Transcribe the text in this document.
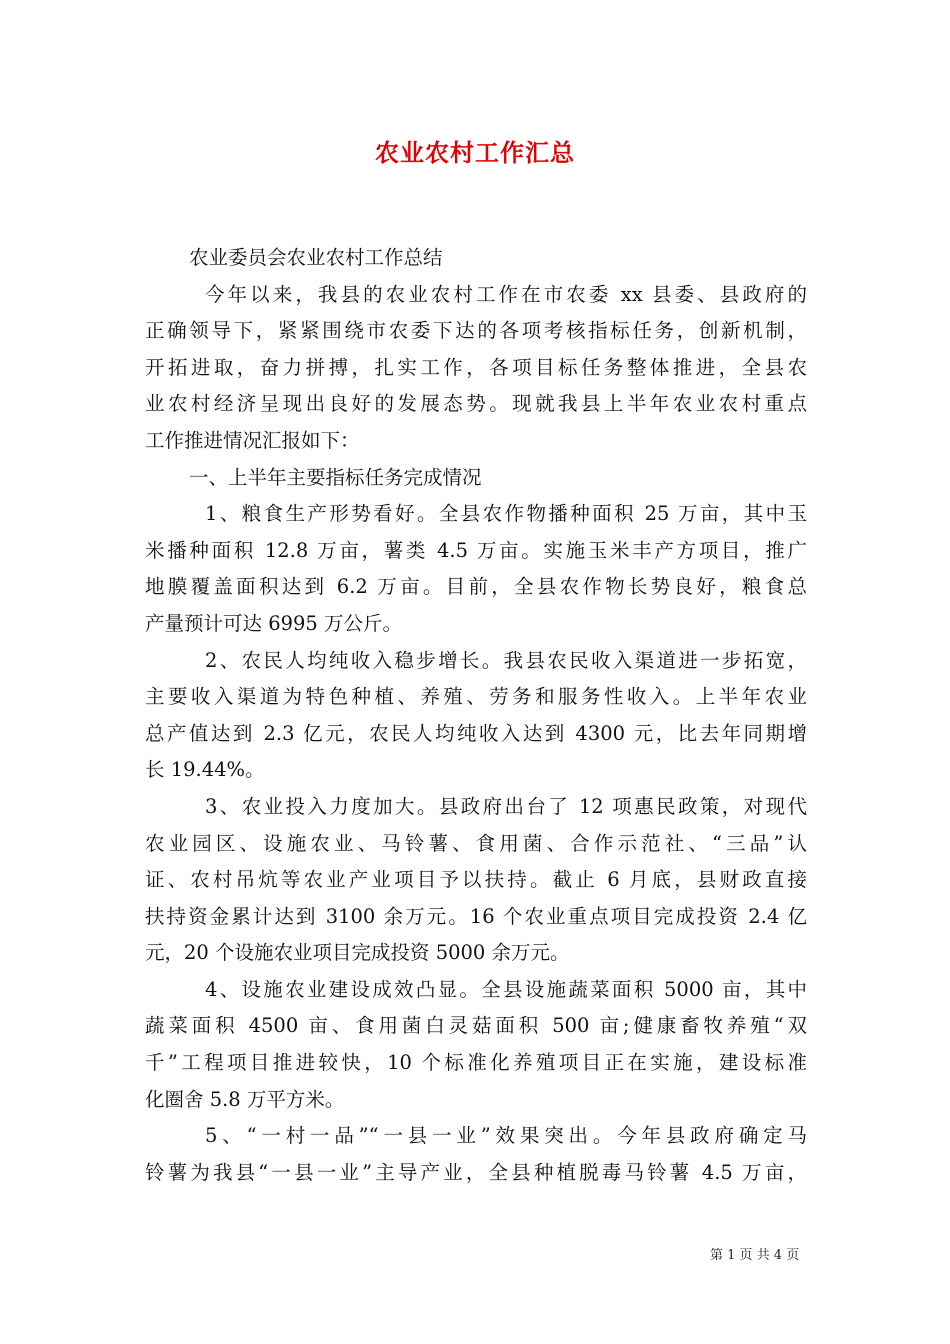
农业农村工作汇总
农业委员会农业农村工作总结
今年以来，我县的农业农村工作在市农委 xx 县委、县政府的
正确领导下，紧紧围绕市农委下达的各项考核指标任务，创新机制，
开拓进取，奋力拼搏，扎实工作，各项目标任务整体推进，全县农
业农村经济呈现出良好的发展态势。现就我县上半年农业农村重点
工作推进情况汇报如下：
一、上半年主要指标任务完成情况
1、粮食生产形势看好。全县农作物播种面积 25 万亩，其中玉
米播种面积 12.8 万亩，薯类 4.5 万亩。实施玉米丰产方项目，推广
地膜覆盖面积达到 6.2 万亩。目前，全县农作物长势良好，粮食总
产量预计可达 6995 万公斤。
2、农民人均纯收入稳步增长。我县农民收入渠道进一步拓宽，
主要收入渠道为特色种植、养殖、劳务和服务性收入。上半年农业
总产值达到 2.3 亿元，农民人均纯收入达到 4300 元，比去年同期增
长 19.44%。
3、农业投入力度加大。县政府出台了 12 项惠民政策，对现代
农业园区、设施农业、马铃薯、食用菌、合作示范社、“三品”认
证、农村吊炕等农业产业项目予以扶持。截止 6 月底，县财政直接
扶持资金累计达到 3100 余万元。16 个农业重点项目完成投资 2.4 亿
元，20 个设施农业项目完成投资 5000 余万元。
4、设施农业建设成效凸显。全县设施蔬菜面积 5000 亩，其中
蔬菜面积 4500 亩、食用菌白灵菇面积 500 亩;健康畜牧养殖“双
千”工程项目推进较快，10 个标准化养殖项目正在实施，建设标准
化圈舍 5.8 万平方米。
5、“一村一品”“一县一业”效果突出。今年县政府确定马
铃薯为我县“一县一业”主导产业，全县种植脱毒马铃薯 4.5 万亩，
第 1 页 共 4 页
